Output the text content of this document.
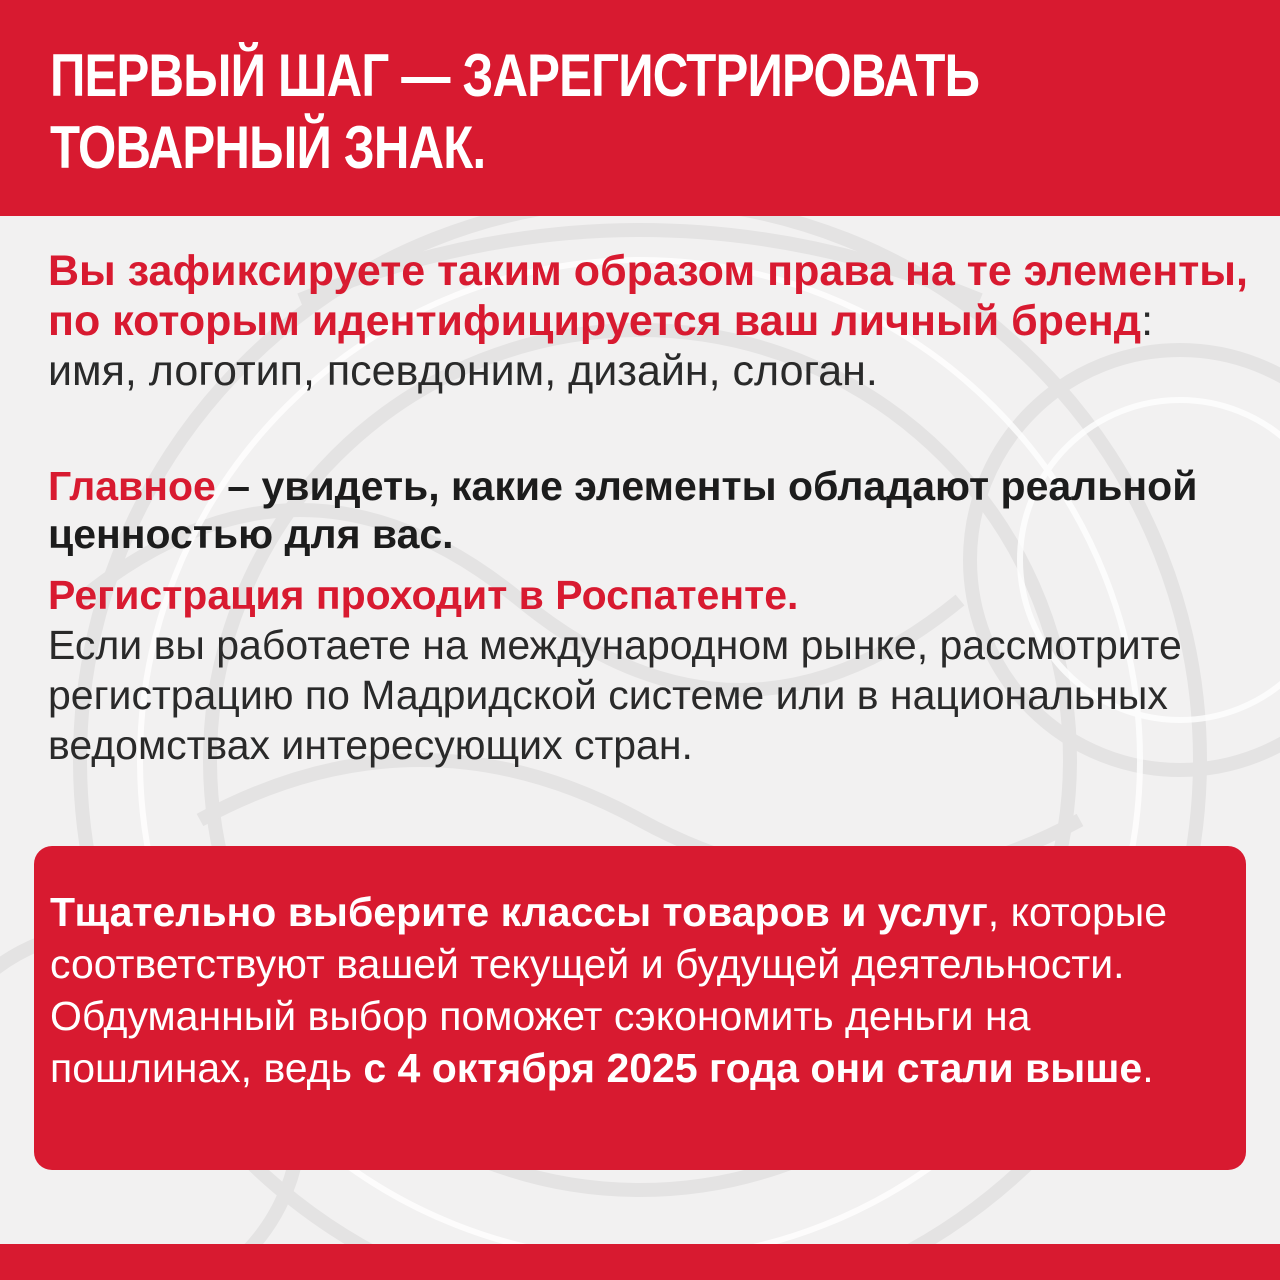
ПЕРВЫЙ ШАГ — ЗАРЕГИСТРИРОВАТЬ ТОВАРНЫЙ ЗНАК.

Вы зафиксируете таким образом права на те элементы, по которым идентифицируется ваш личный бренд: имя, логотип, псевдоним, дизайн, слоган.

Главное – увидеть, какие элементы обладают реальной ценностью для вас.

Регистрация проходит в Роспатенте.
Если вы работаете на международном рынке, рассмотрите регистрацию по Мадридской системе или в национальных ведомствах интересующих стран.

Тщательно выберите классы товаров и услуг, которые соответствуют вашей текущей и будущей деятельности. Обдуманный выбор поможет сэкономить деньги на пошлинах, ведь с 4 октября 2025 года они стали выше.
